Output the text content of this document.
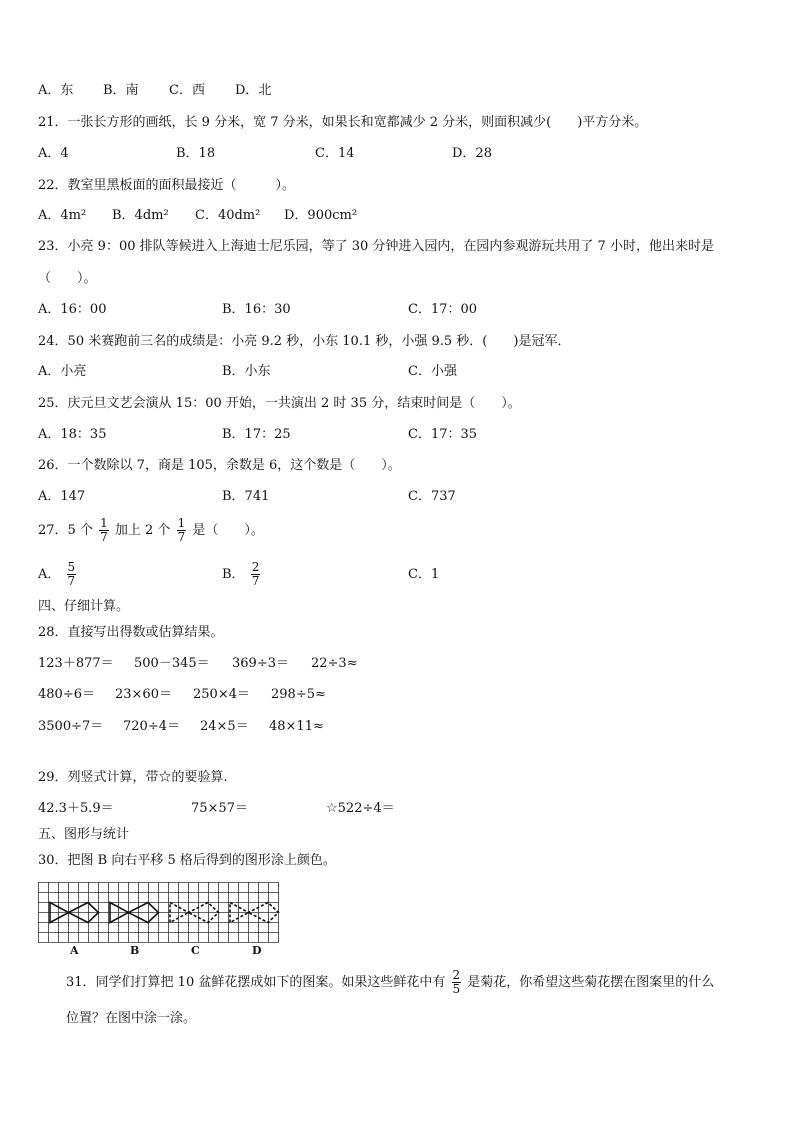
A．东 B．南 C．西 D．北
21．一张长方形的画纸，长 9 分米，宽 7 分米，如果长和宽都减少 2 分米，则面积减少(　　)平方分米。
A．4	B．18	C．14	D．28
22．教室里黑板面的面积最接近（　　　）。
A．4m² B．4dm² C．40dm² D．900cm²
23．小亮 9：00 排队等候进入上海迪士尼乐园，等了 30 分钟进入园内，在园内参观游玩共用了 7 小时，他出来时是
（　　）。
A．16：00	B．16：30	C．17：00
24．50 米赛跑前三名的成绩是：小亮 9.2 秒，小东 10.1 秒，小强 9.5 秒．(　　)是冠军．
A．小亮	B．小东	C．小强
25．庆元旦文艺会演从 15：00 开始，一共演出 2 时 35 分，结束时间是（　　）。
A．18：35	B．17：25	C．17：35
26．一个数除以 7，商是 105，余数是 6，这个数是（　　）。
A．147	B．741	C．737
27．5 个 $\frac{1}{7}$ 加上 2 个 $\frac{1}{7}$ 是（　　）。
A． $\frac{5}{7}$	B． $\frac{2}{7}$	C．1
四、仔细计算。
28．直接写出得数或估算结果。
123＋877＝ 500－345＝ 369÷3＝ 22÷3≈
480÷6＝ 23×60＝ 250×4＝ 298÷5≈
3500÷7＝ 720÷4＝ 24×5＝ 48×11≈
29．列竖式计算，带☆的要验算.
42.3＋5.9＝	75×57＝	☆522÷4＝
五、图形与统计
30．把图 B 向右平移 5 格后得到的图形涂上颜色。
A	B	C	D
31．同学们打算把 10 盆鲜花摆成如下的图案。如果这些鲜花中有 $\frac{2}{5}$ 是菊花，你希望这些菊花摆在图案里的什么
位置？在图中涂一涂。
